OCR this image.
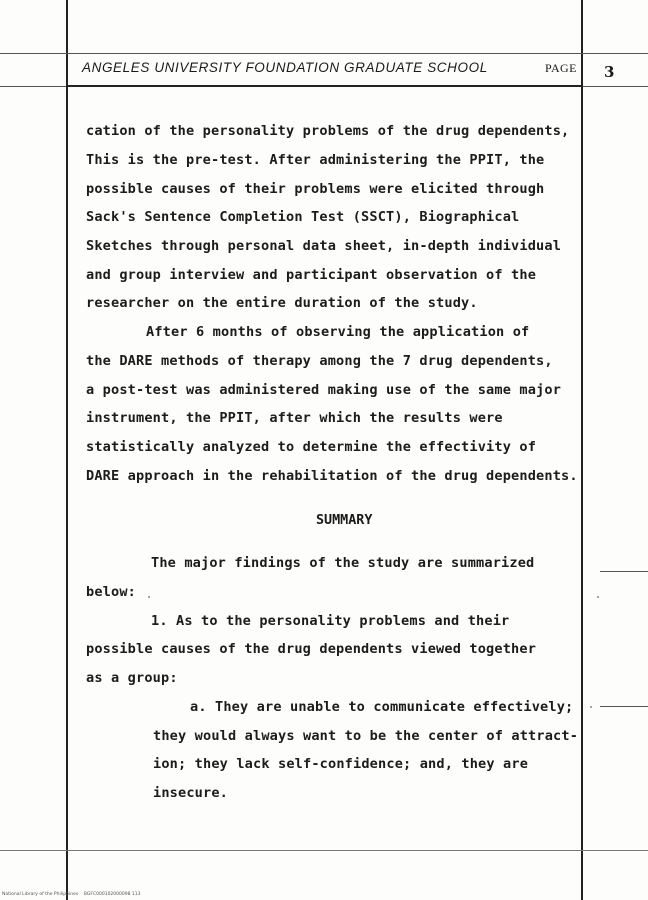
ANGELES UNIVERSITY FOUNDATION GRADUATE SCHOOL	PAGE 3
cation of the personality problems of the drug dependents,
This is the pre-test. After administering the PPIT, the
possible causes of their problems were elicited through
Sack's Sentence Completion Test (SSCT), Biographical
Sketches through personal data sheet, in-depth individual
and group interview and participant observation of the
researcher on the entire duration of the study.
After 6 months of observing the application of
the DARE methods of therapy among the 7 drug dependents,
a post-test was administered making use of the same major
instrument, the PPIT, after which the results were
statistically analyzed to determine the effectivity of
DARE approach in the rehabilitation of the drug dependents.
SUMMARY
The major findings of the study are summarized
below:
1. As to the personality problems and their
possible causes of the drug dependents viewed together
as a group:
a. They are unable to communicate effectively;
they would always want to be the center of attract-
ion; they lack self-confidence; and, they are
insecure.
National Library of the Philippines    BGFC000102000098 113
